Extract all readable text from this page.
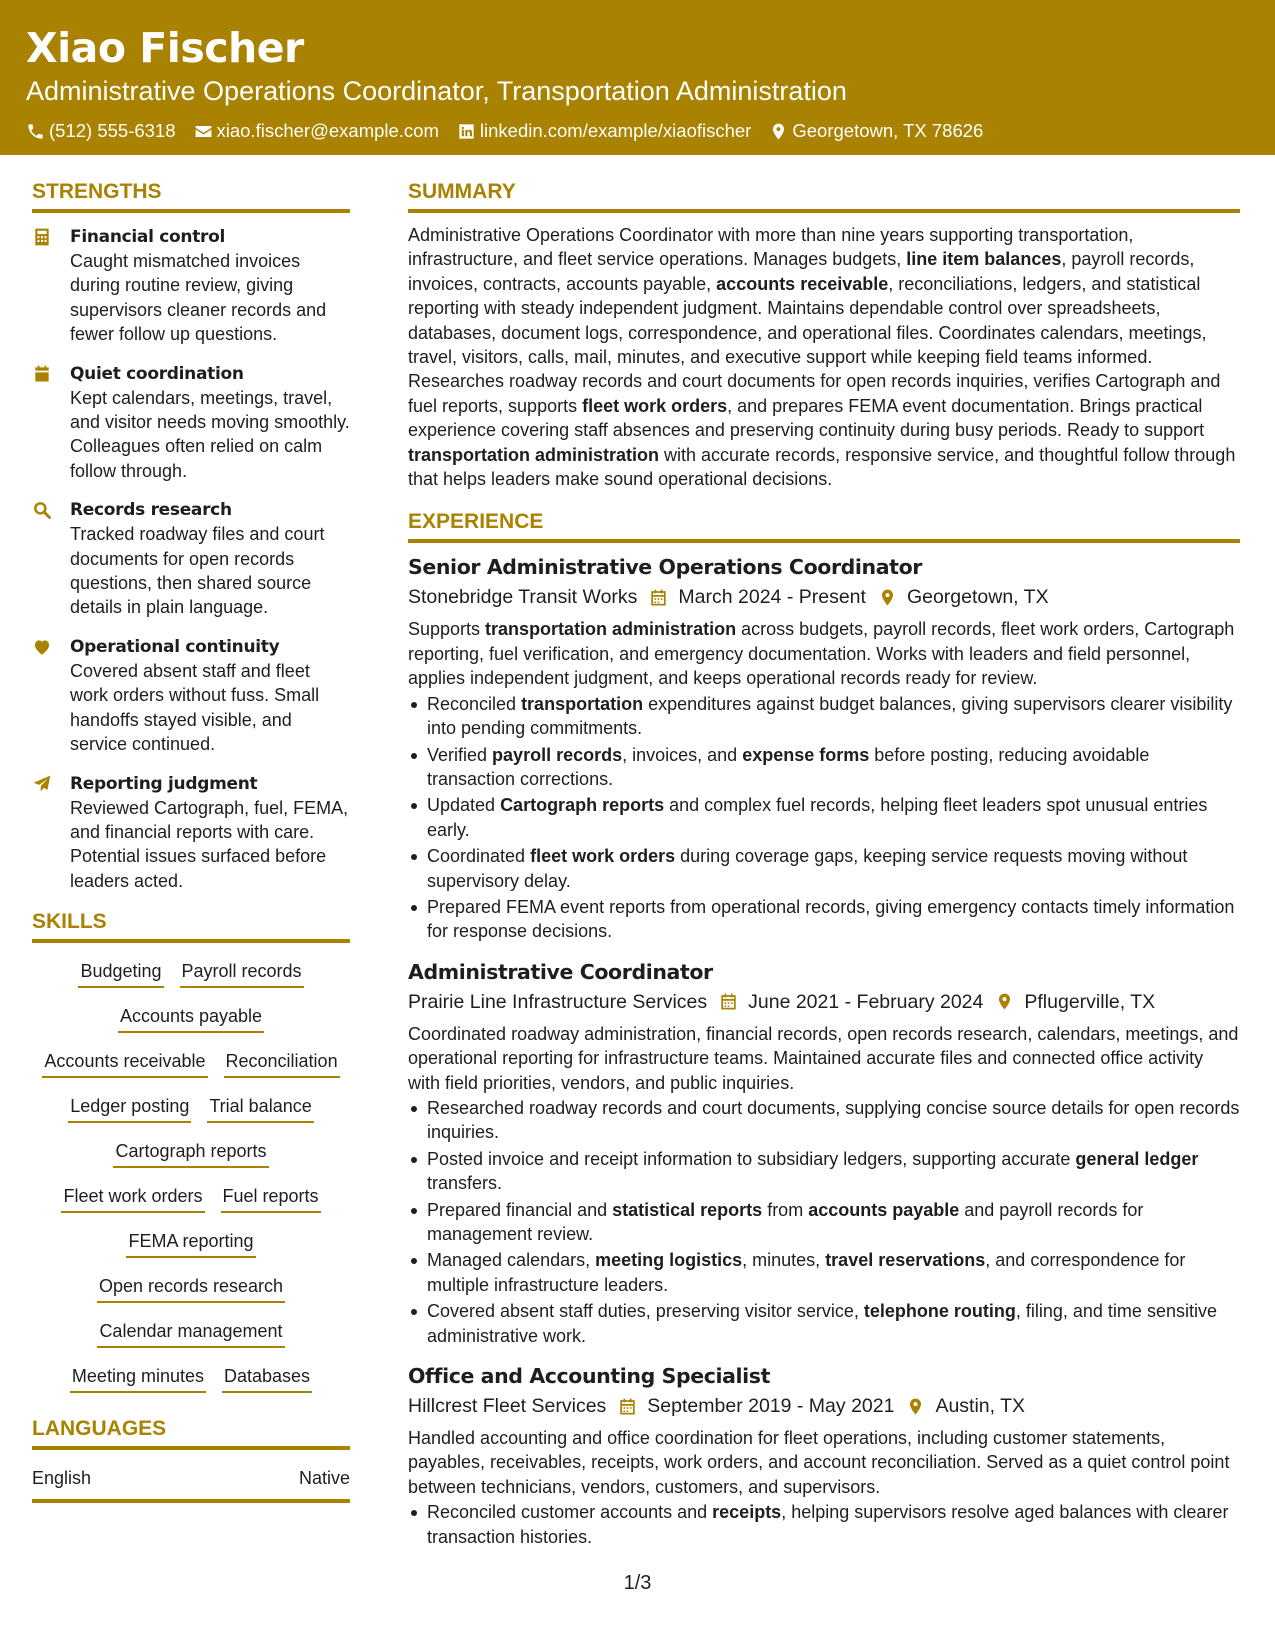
Xiao Fischer
Administrative Operations Coordinator, Transportation Administration
(512) 555-6318 xiao.fischer@example.com linkedin.com/example/xiaofischer Georgetown, TX 78626
STRENGTHS
Financial control
Caught mismatched invoices during routine review, giving supervisors cleaner records and fewer follow up questions.
Quiet coordination
Kept calendars, meetings, travel, and visitor needs moving smoothly. Colleagues often relied on calm follow through.
Records research
Tracked roadway files and court documents for open records questions, then shared source details in plain language.
Operational continuity
Covered absent staff and fleet work orders without fuss. Small handoffs stayed visible, and service continued.
Reporting judgment
Reviewed Cartograph, fuel, FEMA, and financial reports with care. Potential issues surfaced before leaders acted.
SKILLS
Budgeting Payroll records
Accounts payable
Accounts receivable Reconciliation
Ledger posting Trial balance
Cartograph reports
Fleet work orders Fuel reports
FEMA reporting
Open records research
Calendar management
Meeting minutes Databases
LANGUAGES
English	Native
SUMMARY
Administrative Operations Coordinator with more than nine years supporting transportation, infrastructure, and fleet service operations. Manages budgets, line item balances, payroll records, invoices, contracts, accounts payable, accounts receivable, reconciliations, ledgers, and statistical reporting with steady independent judgment. Maintains dependable control over spreadsheets, databases, document logs, correspondence, and operational files. Coordinates calendars, meetings, travel, visitors, calls, mail, minutes, and executive support while keeping field teams informed. Researches roadway records and court documents for open records inquiries, verifies Cartograph and fuel reports, supports fleet work orders, and prepares FEMA event documentation. Brings practical experience covering staff absences and preserving continuity during busy periods. Ready to support transportation administration with accurate records, responsive service, and thoughtful follow through that helps leaders make sound operational decisions.
EXPERIENCE
Senior Administrative Operations Coordinator
Stonebridge Transit Works March 2024 - Present Georgetown, TX
Supports transportation administration across budgets, payroll records, fleet work orders, Cartograph reporting, fuel verification, and emergency documentation. Works with leaders and field personnel, applies independent judgment, and keeps operational records ready for review.
Reconciled transportation expenditures against budget balances, giving supervisors clearer visibility into pending commitments.
Verified payroll records, invoices, and expense forms before posting, reducing avoidable transaction corrections.
Updated Cartograph reports and complex fuel records, helping fleet leaders spot unusual entries early.
Coordinated fleet work orders during coverage gaps, keeping service requests moving without supervisory delay.
Prepared FEMA event reports from operational records, giving emergency contacts timely information for response decisions.
Administrative Coordinator
Prairie Line Infrastructure Services June 2021 - February 2024 Pflugerville, TX
Coordinated roadway administration, financial records, open records research, calendars, meetings, and operational reporting for infrastructure teams. Maintained accurate files and connected office activity with field priorities, vendors, and public inquiries.
Researched roadway records and court documents, supplying concise source details for open records inquiries.
Posted invoice and receipt information to subsidiary ledgers, supporting accurate general ledger transfers.
Prepared financial and statistical reports from accounts payable and payroll records for management review.
Managed calendars, meeting logistics, minutes, travel reservations, and correspondence for multiple infrastructure leaders.
Covered absent staff duties, preserving visitor service, telephone routing, filing, and time sensitive administrative work.
Office and Accounting Specialist
Hillcrest Fleet Services September 2019 - May 2021 Austin, TX
Handled accounting and office coordination for fleet operations, including customer statements, payables, receivables, receipts, work orders, and account reconciliation. Served as a quiet control point between technicians, vendors, customers, and supervisors.
Reconciled customer accounts and receipts, helping supervisors resolve aged balances with clearer transaction histories.
1/3
